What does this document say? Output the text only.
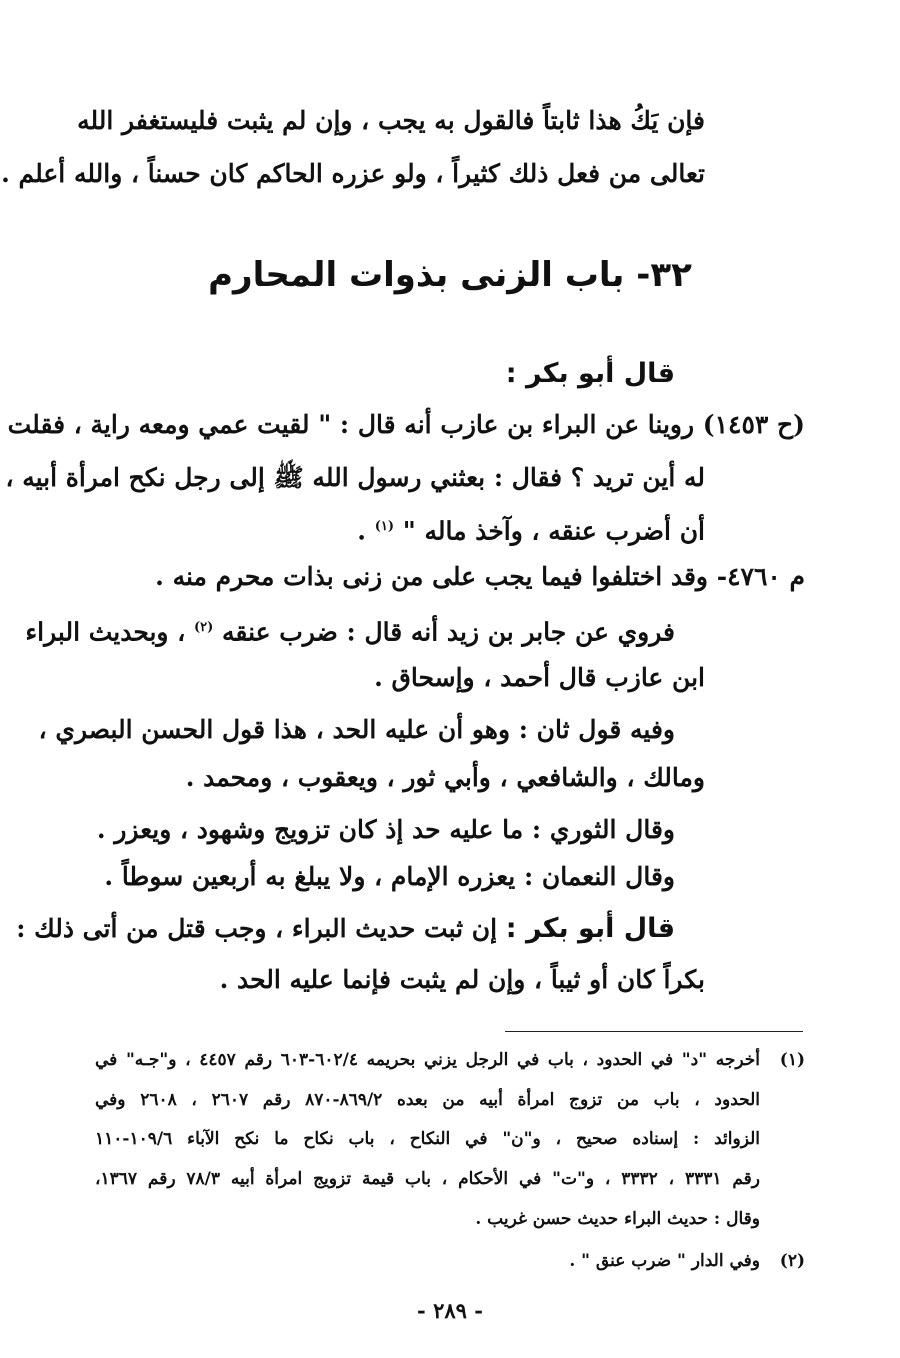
فإن يَكُ هذا ثابتاً فالقول به يجب ، وإن لم يثبت فليستغفر الله
تعالى من فعل ذلك كثيراً ، ولو عزره الحاكم كان حسناً ، والله أعلم .
٣٢- باب الزنى بذوات المحارم
قال أبو بكر :
(ح ١٤٥٣) روينا عن البراء بن عازب أنه قال : " لقيت عمي ومعه راية ، فقلت
له أين تريد ؟ فقال : بعثني رسول الله ﷺ إلى رجل نكح امرأة أبيه ،
أن أضرب عنقه ، وآخذ ماله " $^{(١)}$ .
م ٤٧٦٠- وقد اختلفوا فيما يجب على من زنى بذات محرم منه .
فروي عن جابر بن زيد أنه قال : ضرب عنقه $^{(٢)}$ ، وبحديث البراء
ابن عازب قال أحمد ، وإسحاق .
وفيه قول ثان : وهو أن عليه الحد ، هذا قول الحسن البصري ،
ومالك ، والشافعي ، وأبي ثور ، ويعقوب ، ومحمد .
وقال الثوري : ما عليه حد إذ كان تزويج وشهود ، ويعزر .
وقال النعمان : يعزره الإمام ، ولا يبلغ به أربعين سوطاً .
قال أبو بكر : إن ثبت حديث البراء ، وجب قتل من أتى ذلك :
بكراً كان أو ثيباً ، وإن لم يثبت فإنما عليه الحد .
(١)
أخرجه "د" في الحدود ، باب في الرجل يزني بحريمه ٦٠٢/٤-٦٠٣ رقم ٤٤٥٧ ، و"جـه" في
الحدود ، باب من تزوج امرأة أبيه من بعده ٨٦٩/٢-٨٧٠ رقم ٢٦٠٧ ، ٢٦٠٨ وفي
الزوائد : إسناده صحيح ، و"ن" في النكاح ، باب نكاح ما نكح الآباء ١٠٩/٦-١١٠
رقم ٣٣٣١ ، ٣٣٣٢ ، و"ت" في الأحكام ، باب قيمة تزويج امرأة أبيه ٧٨/٣ رقم ١٣٦٧،
وقال : حديث البراء حديث حسن غريب .
(٢)
وفي الدار " ضرب عنق " .
- ٢٨٩ -
